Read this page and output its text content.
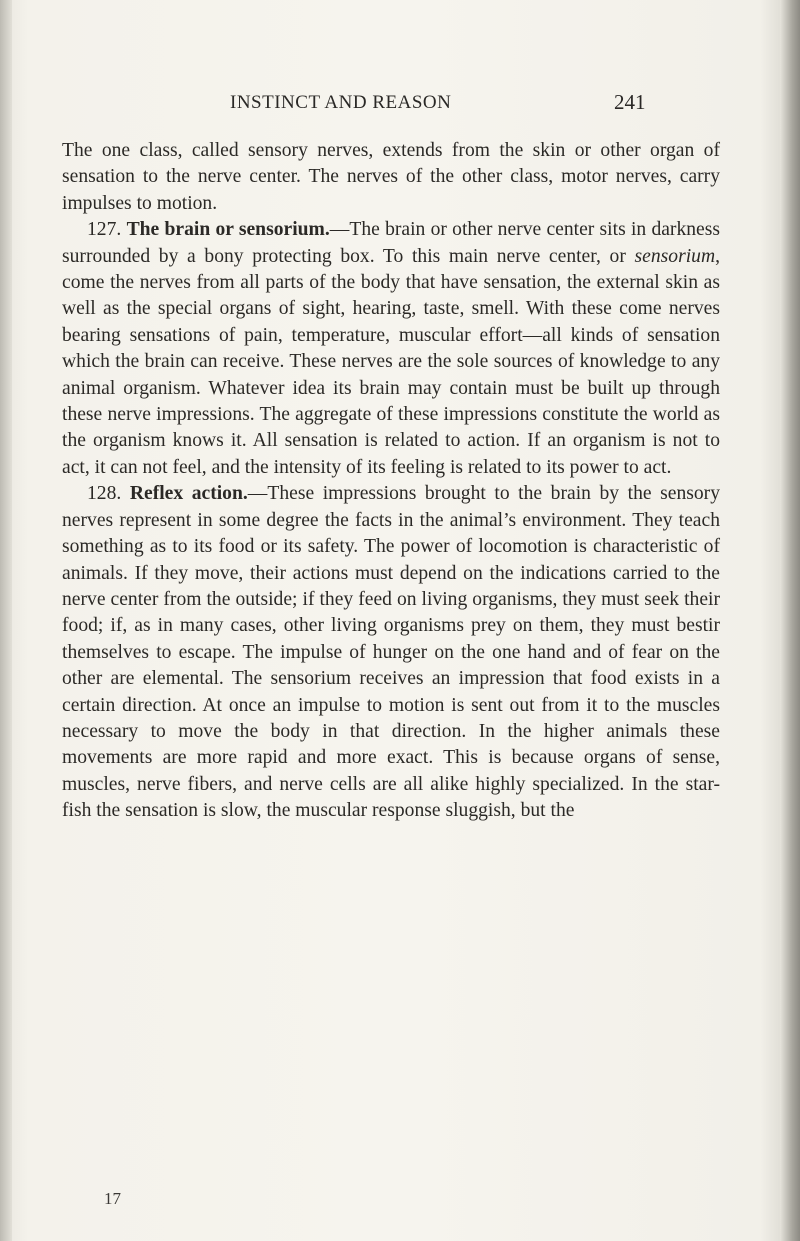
INSTINCT AND REASON	241

The one class, called sensory nerves, extends from the skin or other organ of sensation to the nerve center. The nerves of the other class, motor nerves, carry impulses to motion.

127. The brain or sensorium.—The brain or other nerve center sits in darkness surrounded by a bony protecting box. To this main nerve center, or sensorium, come the nerves from all parts of the body that have sensation, the external skin as well as the special organs of sight, hearing, taste, smell. With these come nerves bearing sensations of pain, temperature, muscular effort—all kinds of sensation which the brain can receive. These nerves are the sole sources of knowledge to any animal organism. Whatever idea its brain may contain must be built up through these nerve impressions. The aggregate of these impressions constitute the world as the organism knows it. All sensation is related to action. If an organism is not to act, it can not feel, and the intensity of its feeling is related to its power to act.

128. Reflex action.—These impressions brought to the brain by the sensory nerves represent in some degree the facts in the animal’s environment. They teach something as to its food or its safety. The power of locomotion is characteristic of animals. If they move, their actions must depend on the indications carried to the nerve center from the outside; if they feed on living organisms, they must seek their food; if, as in many cases, other living organisms prey on them, they must bestir themselves to escape. The impulse of hunger on the one hand and of fear on the other are elemental. The sensorium receives an impression that food exists in a certain direction. At once an impulse to motion is sent out from it to the muscles necessary to move the body in that direction. In the higher animals these movements are more rapid and more exact. This is because organs of sense, muscles, nerve fibers, and nerve cells are all alike highly specialized. In the star-fish the sensation is slow, the muscular response sluggish, but the

17
